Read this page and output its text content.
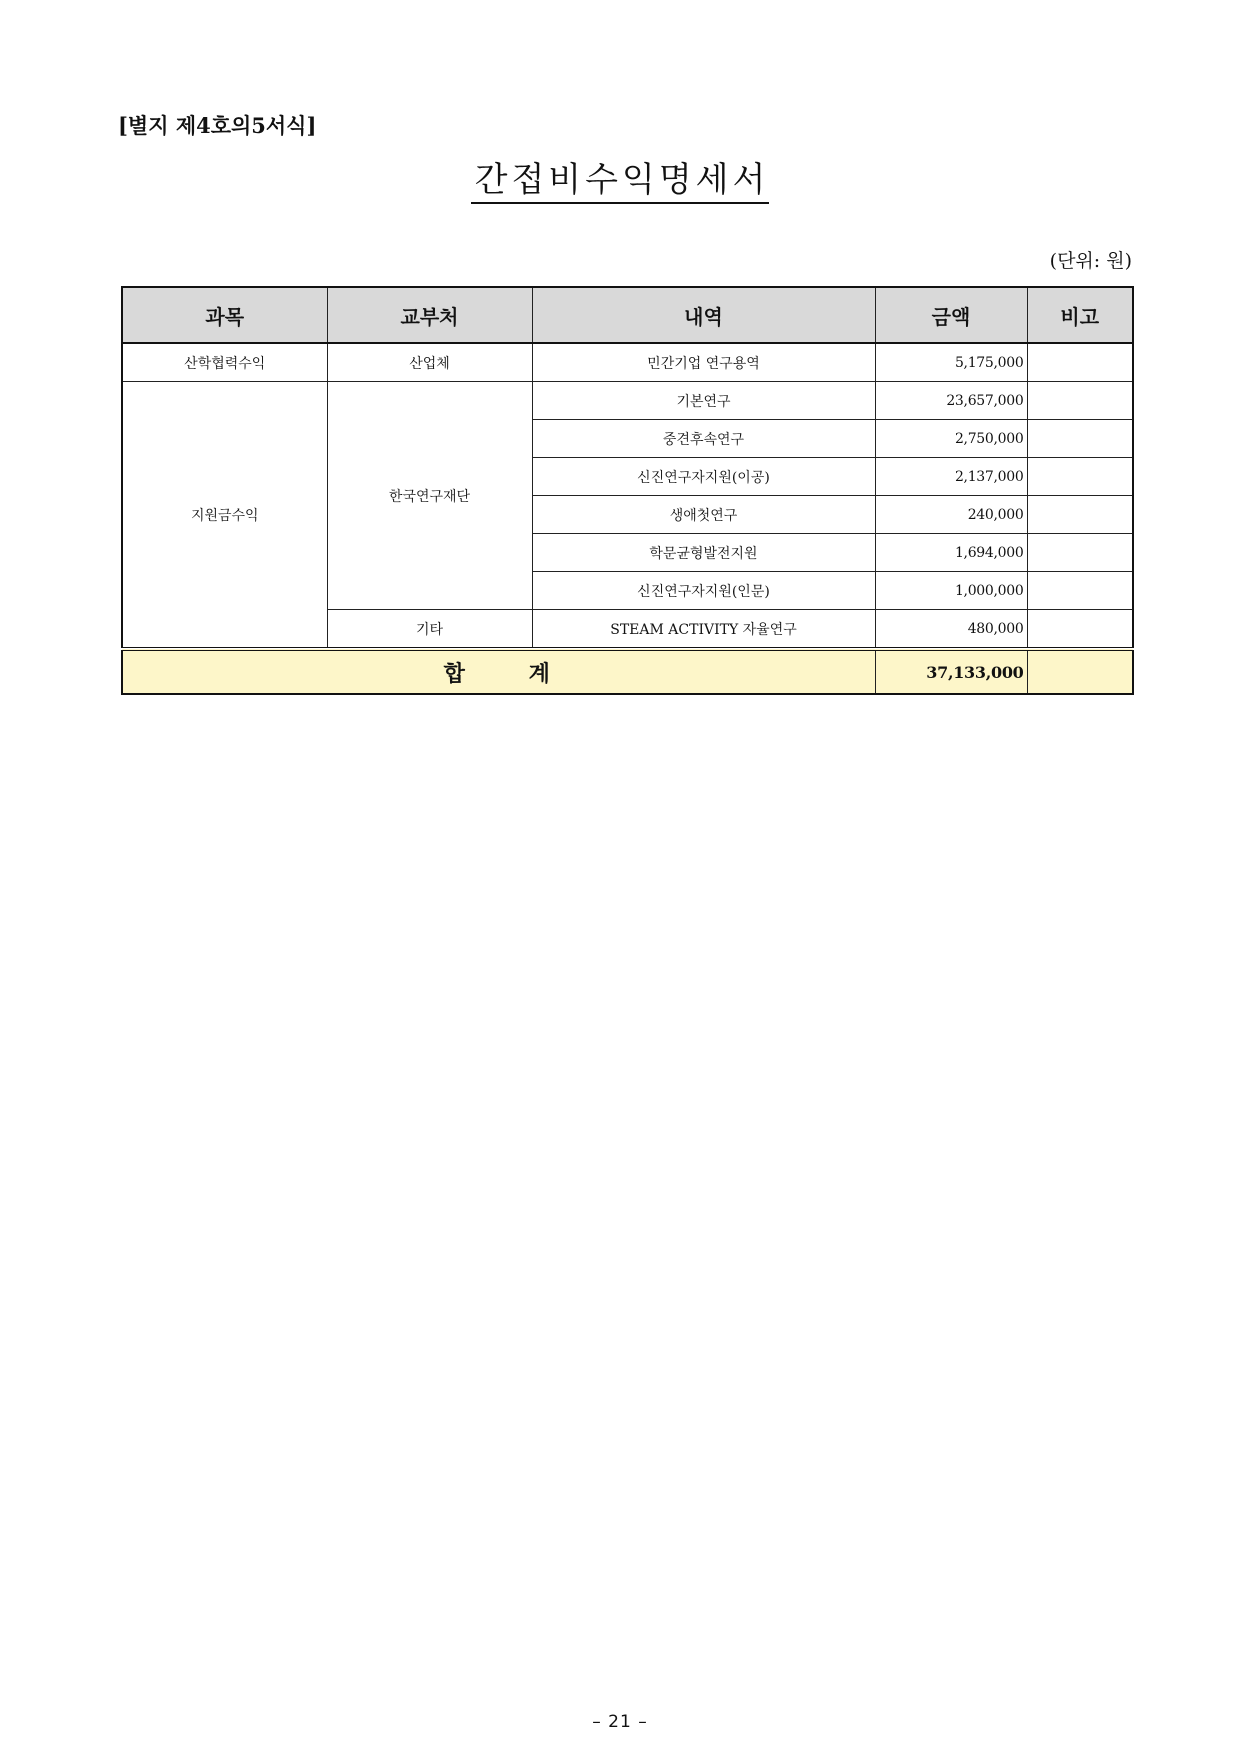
[별지 제4호의5서식]
간접비수익명세서
(단위: 원)
과목	교부처	내역	금액	비고
산학협력수익	산업체	민간기업 연구용역	5,175,000	
지원금수익	한국연구재단	기본연구	23,657,000	
		중견후속연구	2,750,000	
		신진연구자지원(이공)	2,137,000	
		생애첫연구	240,000	
		학문균형발전지원	1,694,000	
		신진연구자지원(인문)	1,000,000	
	기타	STEAM ACTIVITY 자율연구	480,000	
합 계			37,133,000	
– 21 –
